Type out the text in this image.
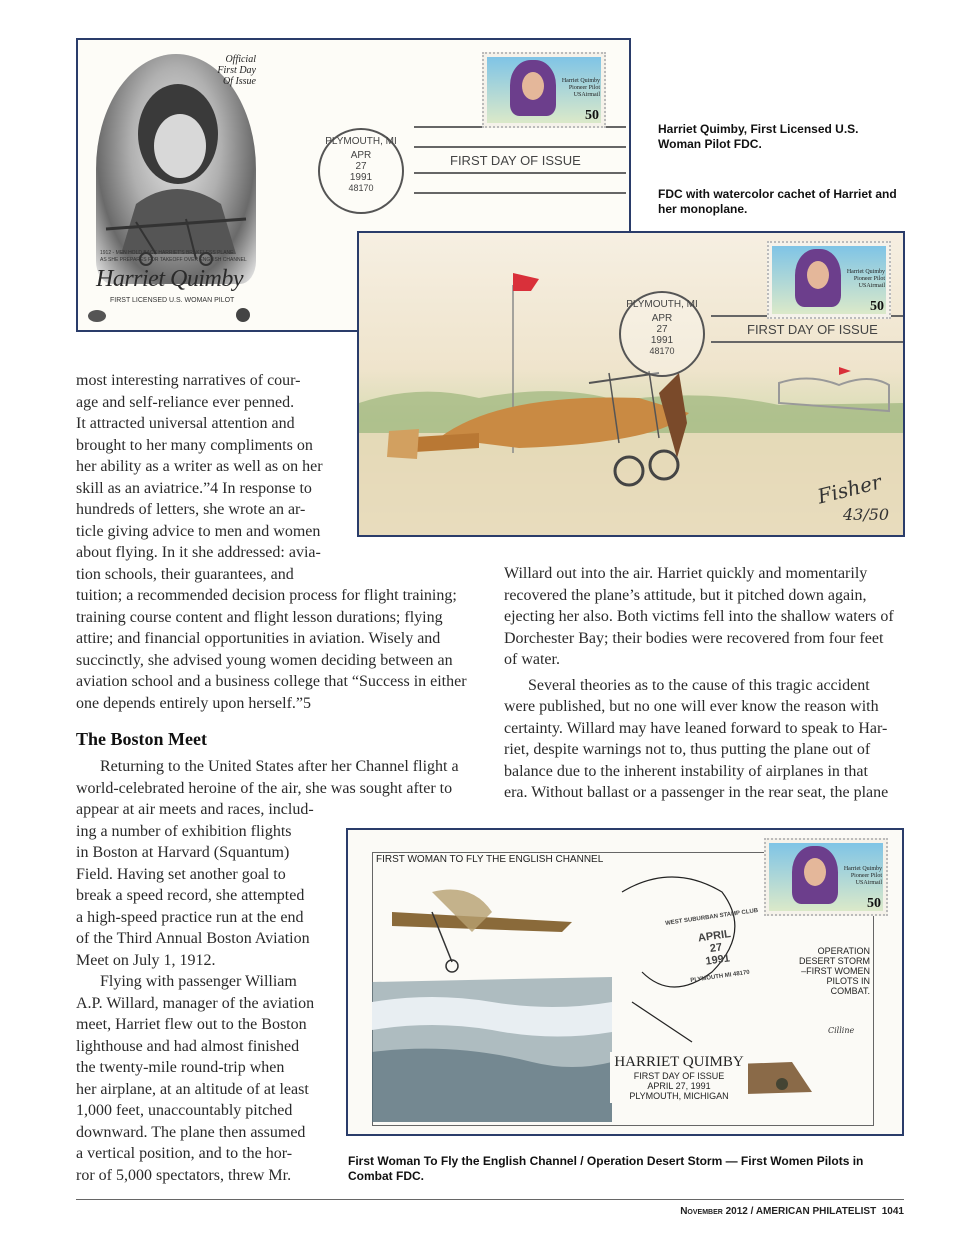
Official
First Day
Of Issue
1912 - MEN HOLD BACK HARRIET'S BRAKELESS PLANE
AS SHE PREPARES FOR TAKEOFF OVER ENGLISH CHANNEL
Harriet Quimby
FIRST LICENSED U.S. WOMAN PILOT
PLYMOUTH, MI
APR
27
1991
48170
FIRST DAY OF ISSUE
Harriet Quimby
Pioneer Pilot
USAirmail
50
Harriet Quimby, First Licensed U.S.
Woman Pilot FDC.
FDC with watercolor cachet of Harriet and
her monoplane.
PLYMOUTH, MI
APR
27
1991
48170
FIRST DAY OF ISSUE
Fisher
43/50
Harriet Quimby
Pioneer Pilot
USAirmail
50
most interesting narratives of cour-
age and self-reliance ever penned.
It attracted universal attention and
brought to her many compliments on
her ability as a writer as well as on her
skill as an aviatrice.”4 In response to
hundreds of letters, she wrote an ar-
ticle giving advice to men and women
about flying. In it she addressed: avia-
tion schools, their guarantees, and
tuition; a recommended decision process for flight training;
training course content and flight lesson durations; flying
attire; and financial opportunities in aviation. Wisely and
succinctly, she advised young women deciding between an
aviation school and a business college that “Success in either
one depends entirely upon herself.”5
The Boston Meet
Returning to the United States after her Channel flight a
world-celebrated heroine of the air, she was sought after to
appear at air meets and races, includ-
ing a number of exhibition flights
in Boston at Harvard (Squantum)
Field. Having set another goal to
break a speed record, she attempted
a high-speed practice run at the end
of the Third Annual Boston Aviation
Meet on July 1, 1912.
Flying with passenger William
A.P. Willard, manager of the aviation
meet, Harriet flew out to the Boston
lighthouse and had almost finished
the twenty-mile round-trip when
her airplane, at an altitude of at least
1,000 feet, unaccountably pitched
downward. The plane then assumed
a vertical position, and to the hor-
ror of 5,000 spectators, threw Mr.
Willard out into the air. Harriet quickly and momentarily
recovered the plane’s attitude, but it pitched down again,
ejecting her also. Both victims fell into the shallow waters of
Dorchester Bay; their bodies were recovered from four feet
of water.
Several theories as to the cause of this tragic accident
were published, but no one will ever know the reason with
certainty. Willard may have leaned forward to speak to Har-
riet, despite warnings not to, thus putting the plane out of
balance due to the inherent instability of airplanes in that
era. Without ballast or a passenger in the rear seat, the plane
FIRST WOMAN TO FLY THE ENGLISH CHANNEL
WEST SUBURBAN STAMP CLUB
APRIL
27
1991
PLYMOUTH MI 48170
OPERATION
DESERT STORM
–FIRST WOMEN
PILOTS IN
COMBAT.
Cilline
HARRIET QUIMBY
FIRST DAY OF ISSUE
APRIL 27, 1991
PLYMOUTH, MICHIGAN
Harriet Quimby
Pioneer Pilot
USAirmail
50
First Woman To Fly the English Channel / Operation Desert Storm — First Women Pilots in
Combat FDC.
November 2012 / AMERICAN PHILATELIST 1041
